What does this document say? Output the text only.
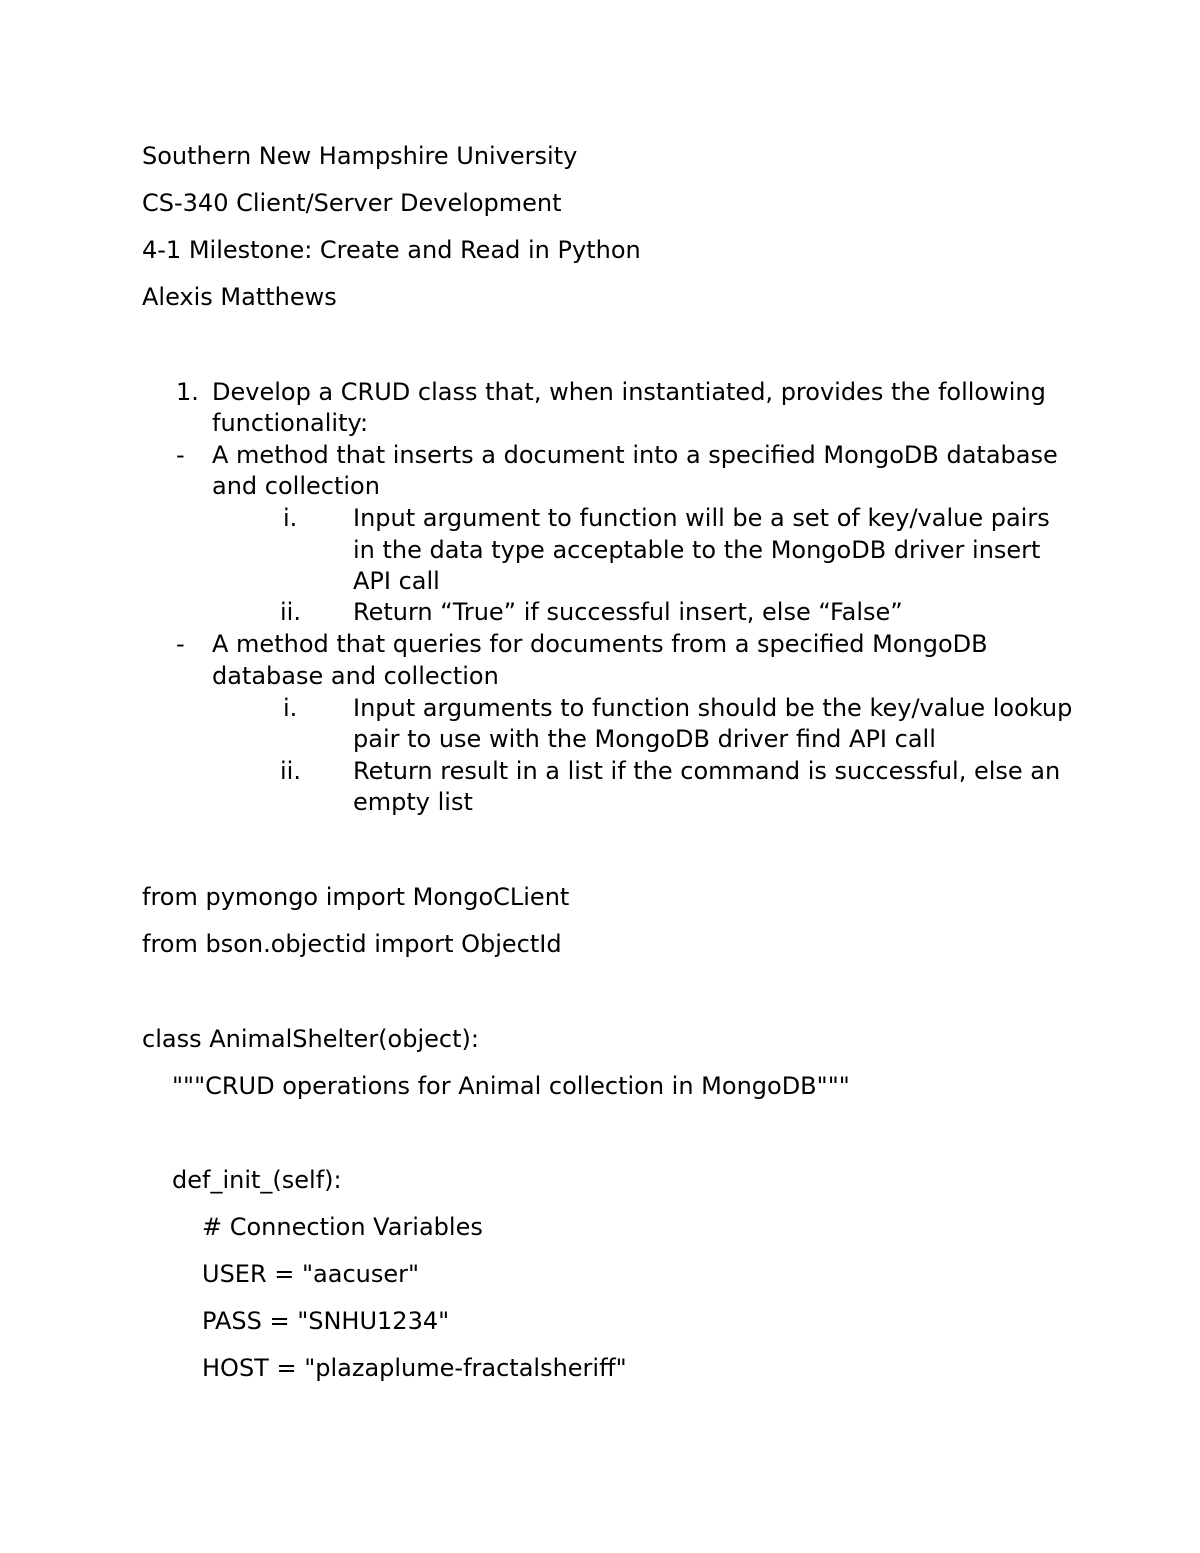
Southern New Hampshire University
CS-340 Client/Server Development
4-1 Milestone: Create and Read in Python
Alexis Matthews
1. Develop a CRUD class that, when instantiated, provides the following
functionality:
- A method that inserts a document into a specified MongoDB database
and collection
i. Input argument to function will be a set of key/value pairs
in the data type acceptable to the MongoDB driver insert
API call
ii. Return “True” if successful insert, else “False”
- A method that queries for documents from a specified MongoDB
database and collection
i. Input arguments to function should be the key/value lookup
pair to use with the MongoDB driver find API call
ii. Return result in a list if the command is successful, else an
empty list
from pymongo import MongoCLient
from bson.objectid import ObjectId
class AnimalShelter(object):
"""CRUD operations for Animal collection in MongoDB"""
def_init_(self):
# Connection Variables
USER = "aacuser"
PASS = "SNHU1234"
HOST = "plazaplume-fractalsheriff"
